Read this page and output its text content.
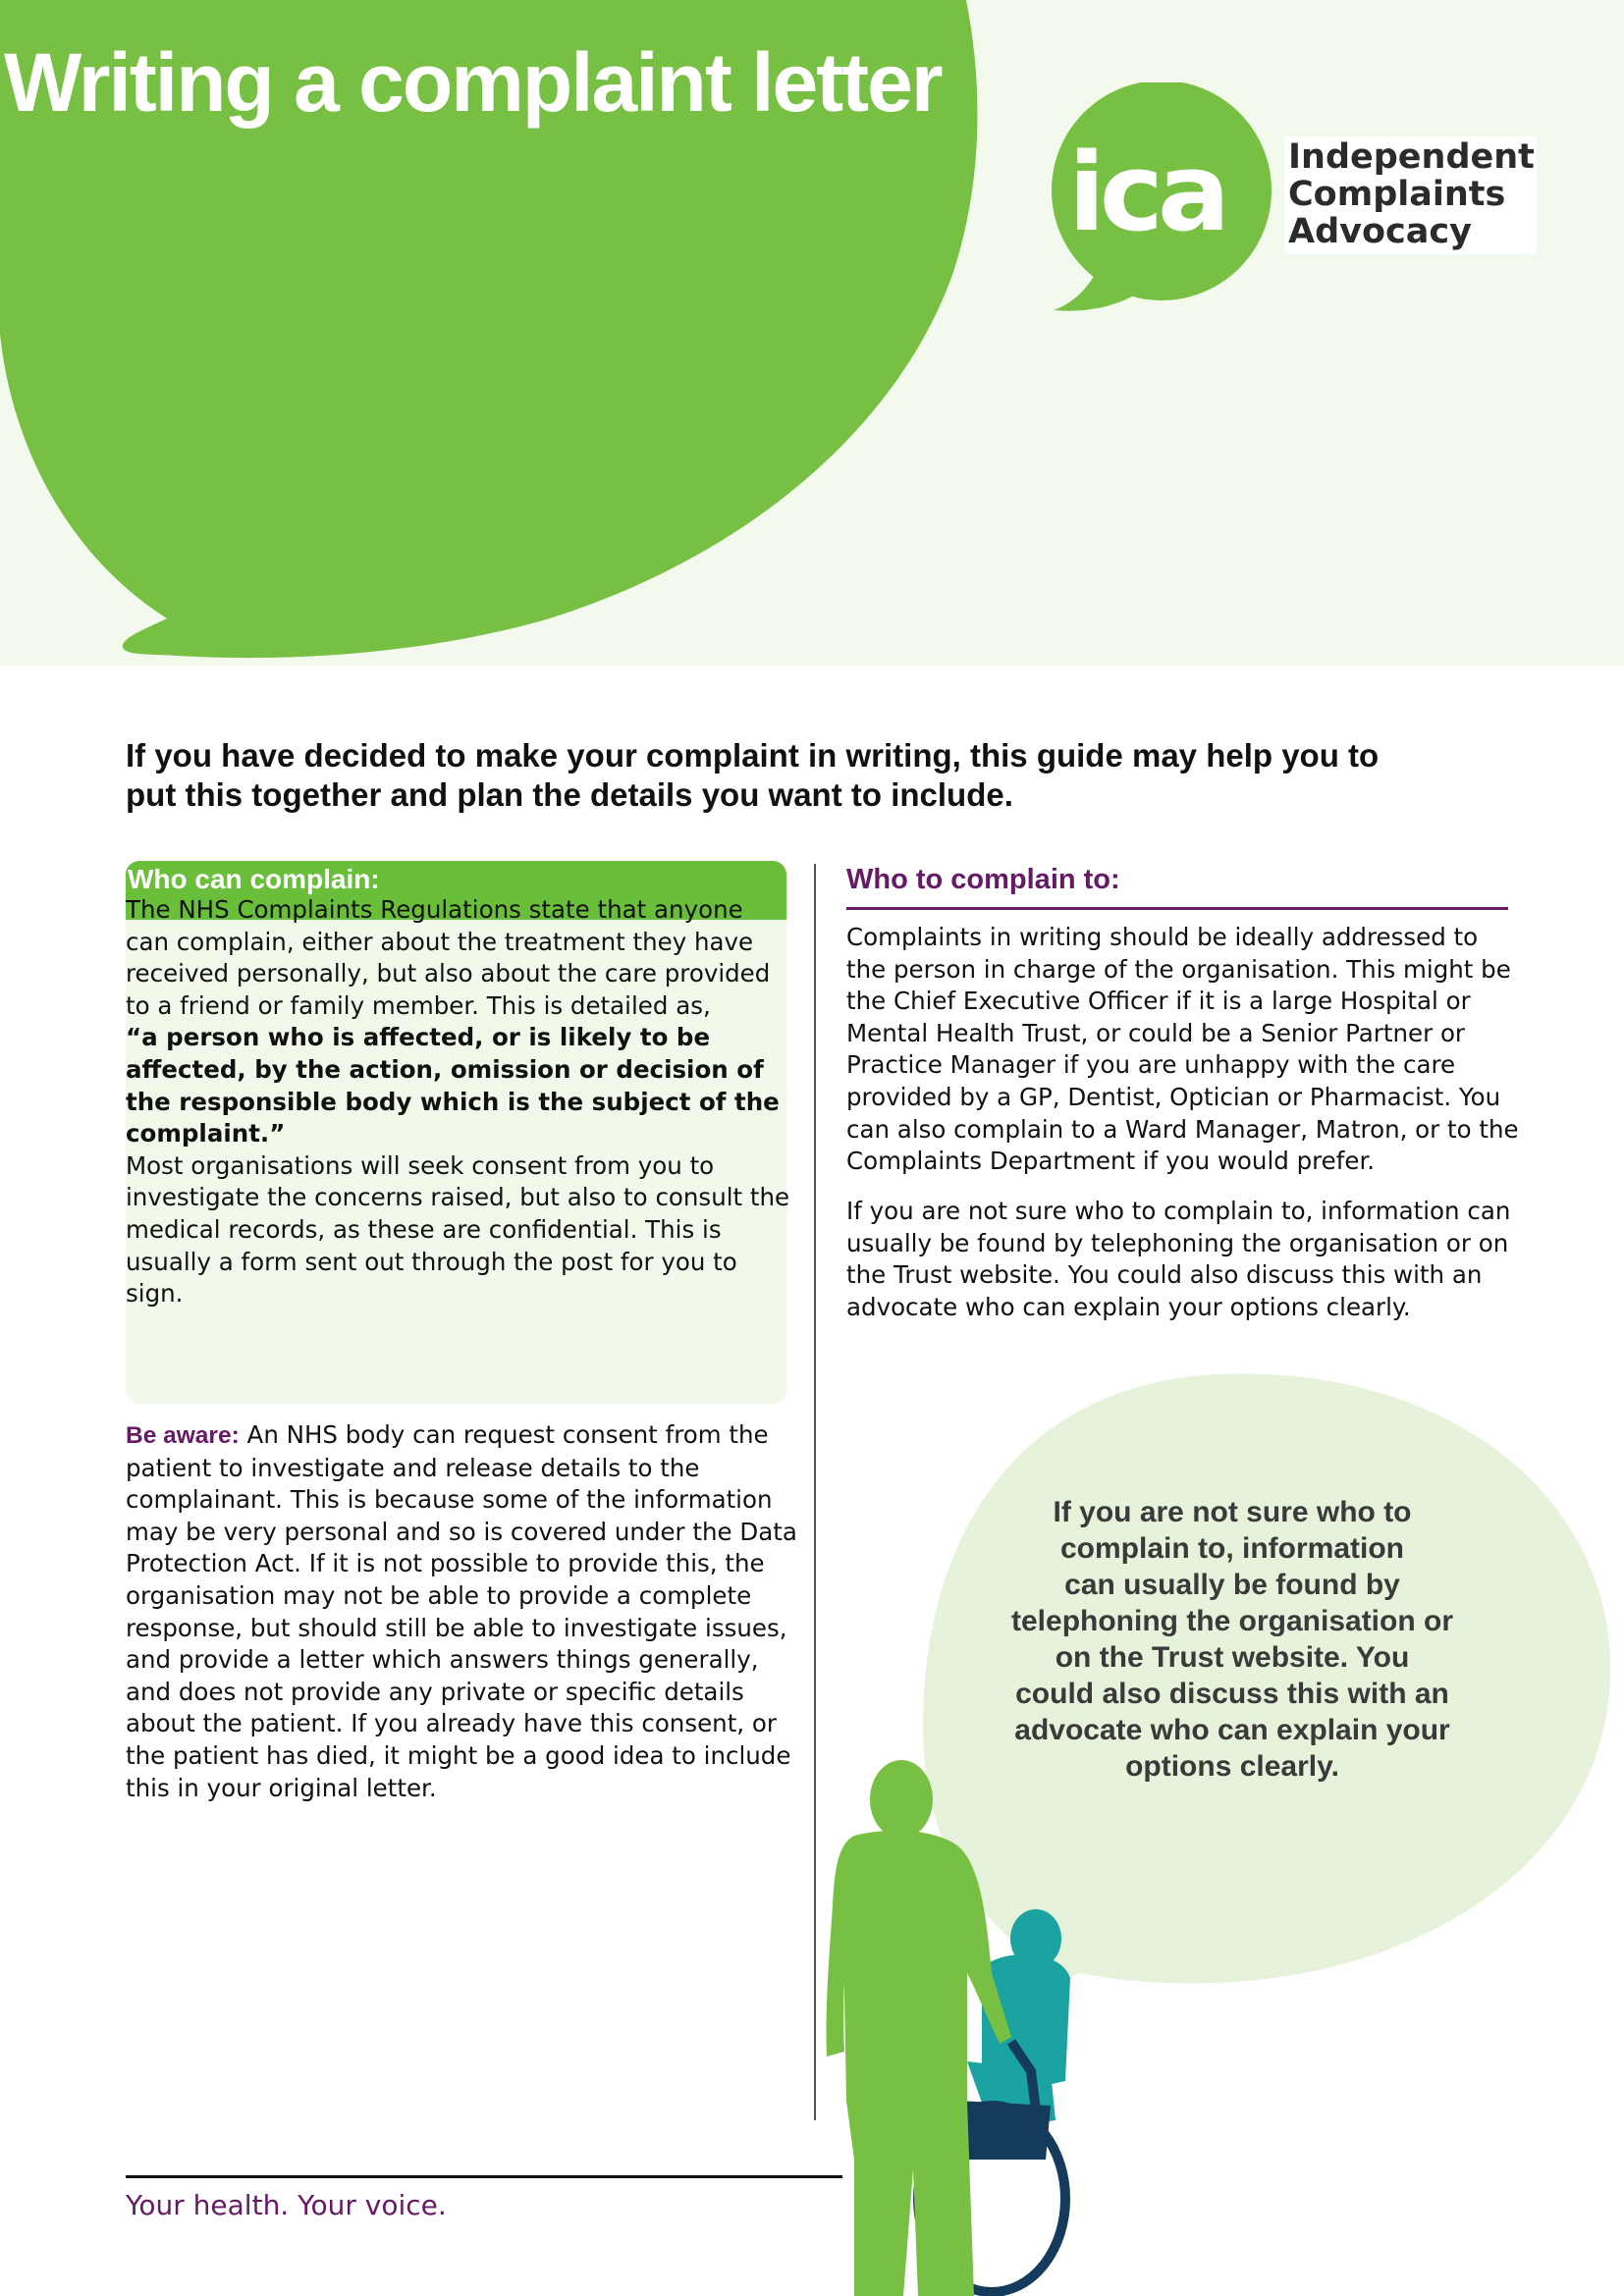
Writing a complaint letter
ica Independent
Complaints
Advocacy

If you have decided to make your complaint in writing, this guide may help you to put this together and plan the details you want to include.

Who can complain:

The NHS Complaints Regulations state that anyone can complain, either about the treatment they have received personally, but also about the care provided to a friend or family member. This is detailed as,

“a person who is affected, or is likely to be affected, by the action, omission or decision of the responsible body which is the subject of the complaint.”

Most organisations will seek consent from you to investigate the concerns raised, but also to consult the medical records, as these are confidential. This is usually a form sent out through the post for you to sign.

Who to complain to:

Complaints in writing should be ideally addressed to the person in charge of the organisation. This might be the Chief Executive Officer if it is a large Hospital or Mental Health Trust, or could be a Senior Partner or Practice Manager if you are unhappy with the care provided by a GP, Dentist, Optician or Pharmacist. You can also complain to a Ward Manager, Matron, or to the Complaints Department if you would prefer.

If you are not sure who to complain to, information can usually be found by telephoning the organisation or on the Trust website. You could also discuss this with an advocate who can explain your options clearly.

Be aware: An NHS body can request consent from the patient to investigate and release details to the complainant. This is because some of the information may be very personal and so is covered under the Data Protection Act. If it is not possible to provide this, the organisation may not be able to provide a complete response, but should still be able to investigate issues, and provide a letter which answers things generally, and does not provide any private or specific details about the patient. If you already have this consent, or the patient has died, it might be a good idea to include this in your original letter.

If you are not sure who to
complain to, information
can usually be found by
telephoning the organisation or
on the Trust website. You
could also discuss this with an
advocate who can explain your
options clearly.

Your health. Your voice.
